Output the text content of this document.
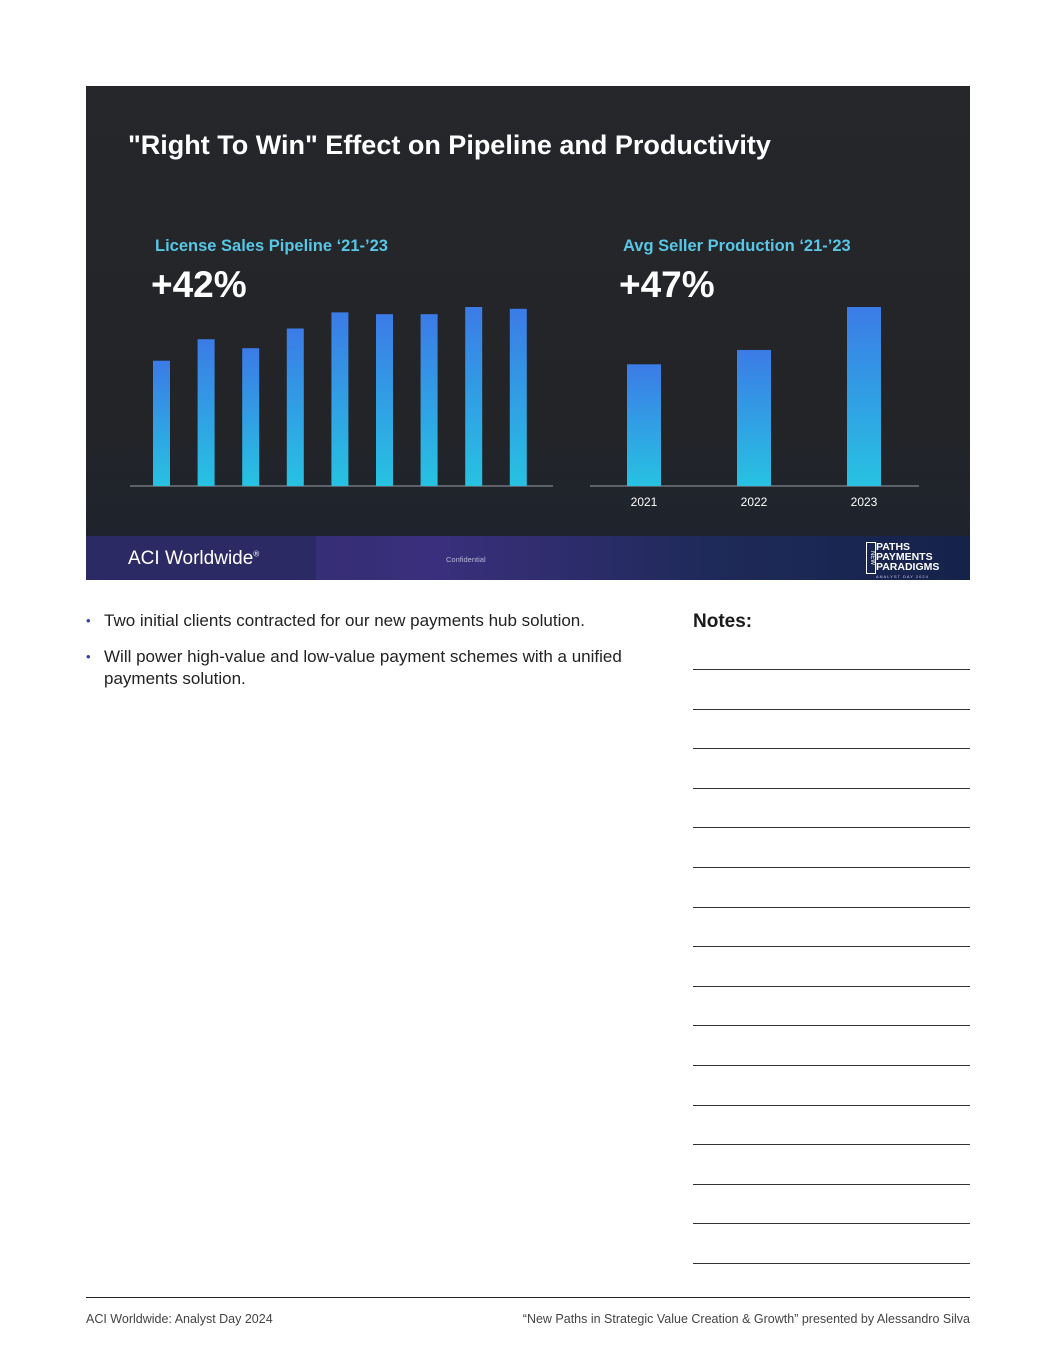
"Right To Win" Effect on Pipeline and Productivity
License Sales Pipeline ‘21-’23
+42%
Avg Seller Production ‘21-’23
+47%
2021	2022	2023
ACI Worldwide®
Confidential	NEW
PATHS
PAYMENTS
PARADIGMS
ANALYST DAY 2024
• Two initial clients contracted for our new payments hub solution.
• Will power high-value and low-value payment schemes with a unified payments solution.
Notes:
ACI Worldwide: Analyst Day 2024	“New Paths in Strategic Value Creation & Growth” presented by Alessandro Silva
